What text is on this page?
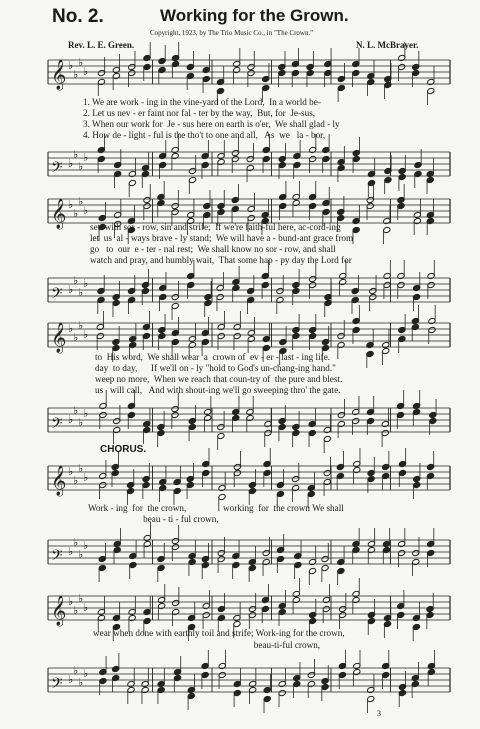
No. 2.	Working for the Grown.
Copyright, 1923, by The Trio Music Co., in "The Crown."
Rev. L. E. Green.	N. L. McBrayer.
𝄞 ♭
♭
♭
♭
1. We are work - ing in the vine-yard of the Lord,  In a world be-
2. Let us nev - er faint nor fal - ter by the way,  But, for  Je-sus,
3. When our work for  Je - sus here on earth is o'er,  We shall glad - ly
4. How de - light - ful is the tho't to one and all,   As  we   la - bor,
𝄢 ♭
♭
♭
♭
𝄞 ♭
♭
♭
♭
set  with sor - row, sin and strife;  If we're faith-ful here, ac-cord-ing
let  us  al - ways brave - ly stand;  We will have a - bund-ant grace from
go   to  our  e - ter - nal rest;  We shall know no sor - row, and shall
watch and pray, and humbly wait,  That some hap - py day the Lord for
𝄢 ♭
♭
♭
♭
𝄞 ♭
♭
♭
♭
to  His word,  We shall wear  a  crown of  ev - er - last - ing life.
day  to day,      If we'll on - ly "hold to God's un-chang-ing hand."
weep no more,  When we reach that coun-try of  the pure and blest.
us   will call,   And with shout-ing we'll go sweeping thro' the gate.
𝄢 ♭
♭
♭
♭
CHORUS.
𝄞 ♭
♭
♭
♭
Work - ing  for  the crown,                working  for  the crown We shall
beau - ti - ful crown,
𝄢 ♭
♭
♭
♭
𝄞 ♭
♭
♭
♭
wear when done with earthly toil and strife; Work-ing for the crown,
beau-ti-ful crown,
𝄢 ♭
♭
♭
♭
3
